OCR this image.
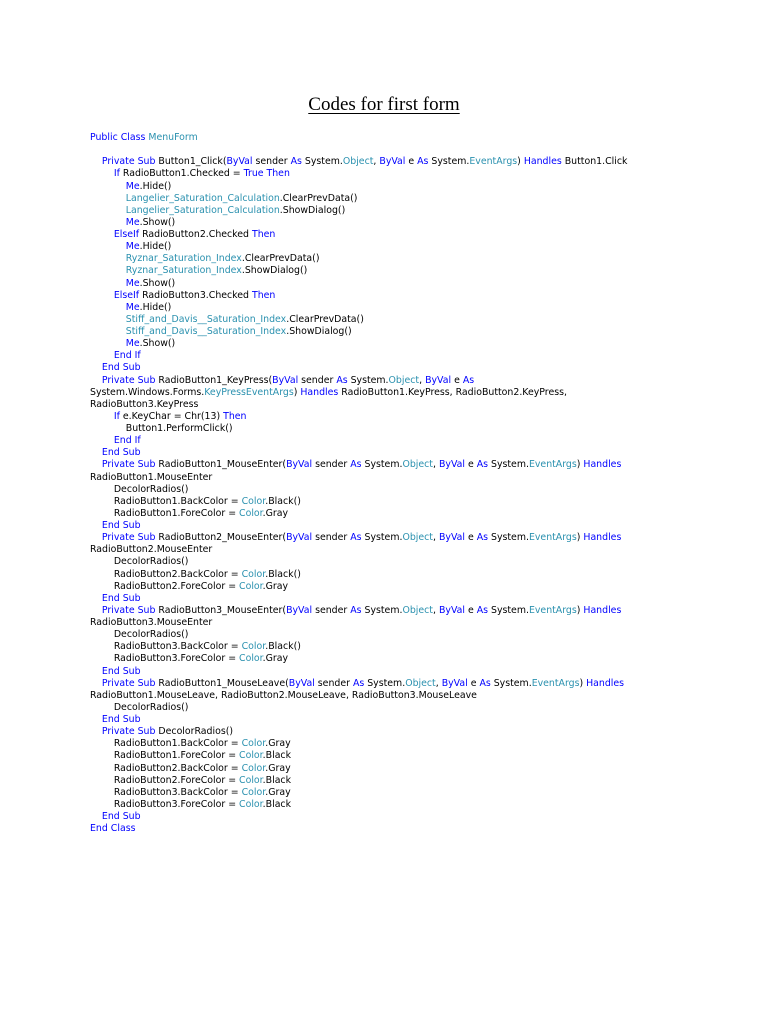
Codes for first form
Public Class MenuForm

Private Sub Button1_Click(ByVal sender As System.Object, ByVal e As System.EventArgs) Handles Button1.Click
If RadioButton1.Checked = True Then
Me.Hide()
Langelier_Saturation_Calculation.ClearPrevData()
Langelier_Saturation_Calculation.ShowDialog()
Me.Show()
ElseIf RadioButton2.Checked Then
Me.Hide()
Ryznar_Saturation_Index.ClearPrevData()
Ryznar_Saturation_Index.ShowDialog()
Me.Show()
ElseIf RadioButton3.Checked Then
Me.Hide()
Stiff_and_Davis__Saturation_Index.ClearPrevData()
Stiff_and_Davis__Saturation_Index.ShowDialog()
Me.Show()
End If
End Sub
Private Sub RadioButton1_KeyPress(ByVal sender As System.Object, ByVal e As
System.Windows.Forms.KeyPressEventArgs) Handles RadioButton1.KeyPress, RadioButton2.KeyPress,
RadioButton3.KeyPress
If e.KeyChar = Chr(13) Then
Button1.PerformClick()
End If
End Sub
Private Sub RadioButton1_MouseEnter(ByVal sender As System.Object, ByVal e As System.EventArgs) Handles
RadioButton1.MouseEnter
DecolorRadios()
RadioButton1.BackColor = Color.Black()
RadioButton1.ForeColor = Color.Gray
End Sub
Private Sub RadioButton2_MouseEnter(ByVal sender As System.Object, ByVal e As System.EventArgs) Handles
RadioButton2.MouseEnter
DecolorRadios()
RadioButton2.BackColor = Color.Black()
RadioButton2.ForeColor = Color.Gray
End Sub
Private Sub RadioButton3_MouseEnter(ByVal sender As System.Object, ByVal e As System.EventArgs) Handles
RadioButton3.MouseEnter
DecolorRadios()
RadioButton3.BackColor = Color.Black()
RadioButton3.ForeColor = Color.Gray
End Sub
Private Sub RadioButton1_MouseLeave(ByVal sender As System.Object, ByVal e As System.EventArgs) Handles
RadioButton1.MouseLeave, RadioButton2.MouseLeave, RadioButton3.MouseLeave
DecolorRadios()
End Sub
Private Sub DecolorRadios()
RadioButton1.BackColor = Color.Gray
RadioButton1.ForeColor = Color.Black
RadioButton2.BackColor = Color.Gray
RadioButton2.ForeColor = Color.Black
RadioButton3.BackColor = Color.Gray
RadioButton3.ForeColor = Color.Black
End Sub
End Class
